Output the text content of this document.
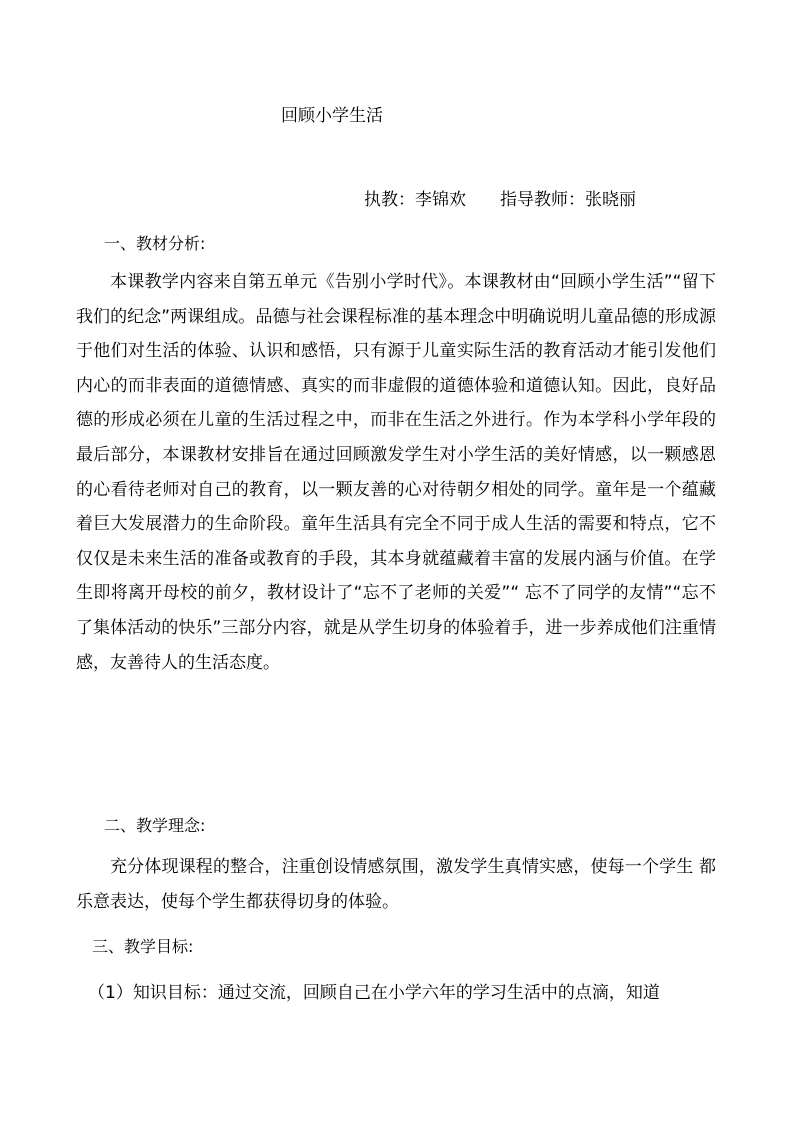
回顾小学生活
执教：李锦欢 指导教师：张晓丽
一、教材分析:

本课教学内容来自第五单元《告别小学时代》。本课教材由“回顾小学生活”“留下我们的纪念”两课组成。品德与社会课程标准的基本理念中明确说明儿童品德的形成源于他们对生活的体验、认识和感悟，只有源于儿童实际生活的教育活动才能引发他们内心的而非表面的道德情感、真实的而非虚假的道德体验和道德认知。因此，良好品德的形成必须在儿童的生活过程之中，而非在生活之外进行。作为本学科小学年段的最后部分，本课教材安排旨在通过回顾激发学生对小学生活的美好情感，以一颗感恩的心看待老师对自己的教育，以一颗友善的心对待朝夕相处的同学。童年是一个蕴藏着巨大发展潜力的生命阶段。童年生活具有完全不同于成人生活的需要和特点，它不仅仅是未来生活的准备或教育的手段，其本身就蕴藏着丰富的发展内涵与价值。在学生即将离开母校的前夕，教材设计了“忘不了老师的关爱”“ 忘不了同学的友情”“忘不了集体活动的快乐”三部分内容，就是从学生切身的体验着手，进一步养成他们注重情感，友善待人的生活态度。

二、教学理念:

充分体现课程的整合，注重创设情感氛围，激发学生真情实感，使每一个学生 都乐意表达，使每个学生都获得切身的体验。

三、教学目标:
（1）知识目标：通过交流，回顾自己在小学六年的学习生活中的点滴，知道
